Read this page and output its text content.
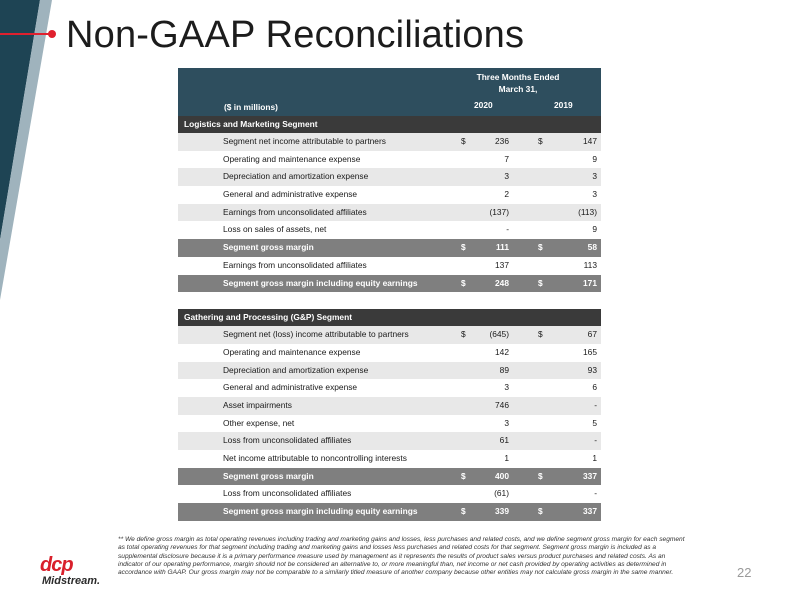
Non-GAAP Reconciliations
Three Months Ended March 31,
($ in millions)	2020	2019
Logistics and Marketing Segment
Segment net income attributable to partners	$	236	$	147
Operating and maintenance expense	7	9
Depreciation and amortization expense	3	3
General and administrative expense	2	3
Earnings from unconsolidated affiliates	(137)	(113)
Loss on sales of assets, net	-	9
Segment gross margin	$	111	$	58
Earnings from unconsolidated affiliates	137	113
Segment gross margin including equity earnings	$	248	$	171
Gathering and Processing (G&P) Segment
Segment net (loss) income attributable to partners	$	(645)	$	67
Operating and maintenance expense	142	165
Depreciation and amortization expense	89	93
General and administrative expense	3	6
Asset impairments	746	-
Other expense, net	3	5
Loss from unconsolidated affiliates	61	-
Net income attributable to noncontrolling interests	1	1
Segment gross margin	$	400	$	337
Loss from unconsolidated affiliates	(61)	-
Segment gross margin including equity earnings	$	339	$	337
** We define gross margin as total operating revenues including trading and marketing gains and losses, less purchases and related costs, and we define segment gross margin for each segment as total operating revenues for that segment including trading and marketing gains and losses less purchases and related costs for that segment. Segment gross margin is included as a supplemental disclosure because it is a primary performance measure used by management as it represents the results of product sales versus product purchases and related costs. As an indicator of our operating performance, margin should not be considered an alternative to, or more meaningful than, net income or net cash provided by operating activities as determined in accordance with GAAP. Our gross margin may not be comparable to a similarly titled measure of another company because other entities may not calculate gross margin in the same manner.
dcp
Midstream.
22
